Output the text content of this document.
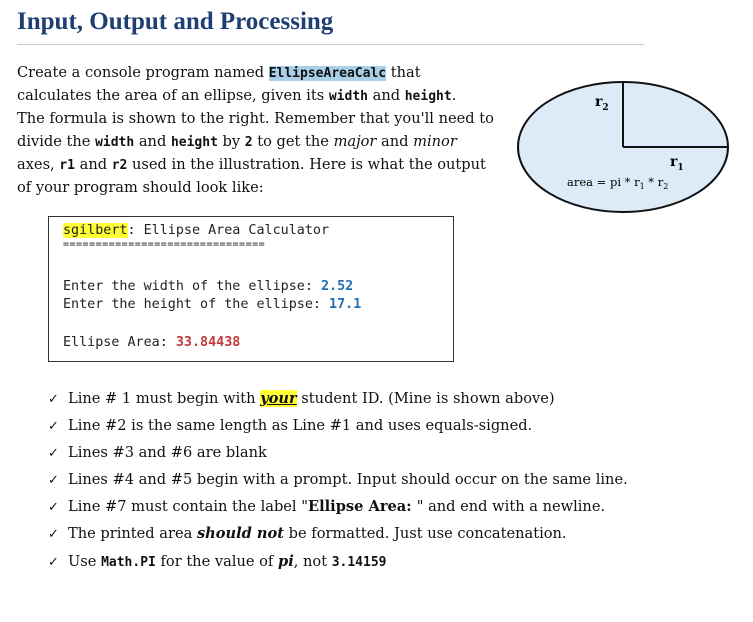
Input, Output and Processing
Create a console program named EllipseAreaCalc that
calculates the area of an ellipse, given its width and height.
The formula is shown to the right. Remember that you'll need to
divide the width and height by 2 to get the major and minor
axes, r1 and r2 used in the illustration. Here is what the output
of your program should look like:
$r_2$
$r_1$
area = pi * $r_1 * r_2$
sgilbert: Ellipse Area Calculator
===============================
Enter the width of the ellipse: 2.52
Enter the height of the ellipse: 17.1
Ellipse Area: 33.84438
✓ Line # 1 must begin with your student ID. (Mine is shown above)
✓ Line #2 is the same length as Line #1 and uses equals-signed.
✓ Lines #3 and #6 are blank
✓ Lines #4 and #5 begin with a prompt. Input should occur on the same line.
✓ Line #7 must contain the label "Ellipse Area: " and end with a newline.
✓ The printed area should not be formatted. Just use concatenation.
✓ Use Math.PI for the value of pi, not 3.14159
